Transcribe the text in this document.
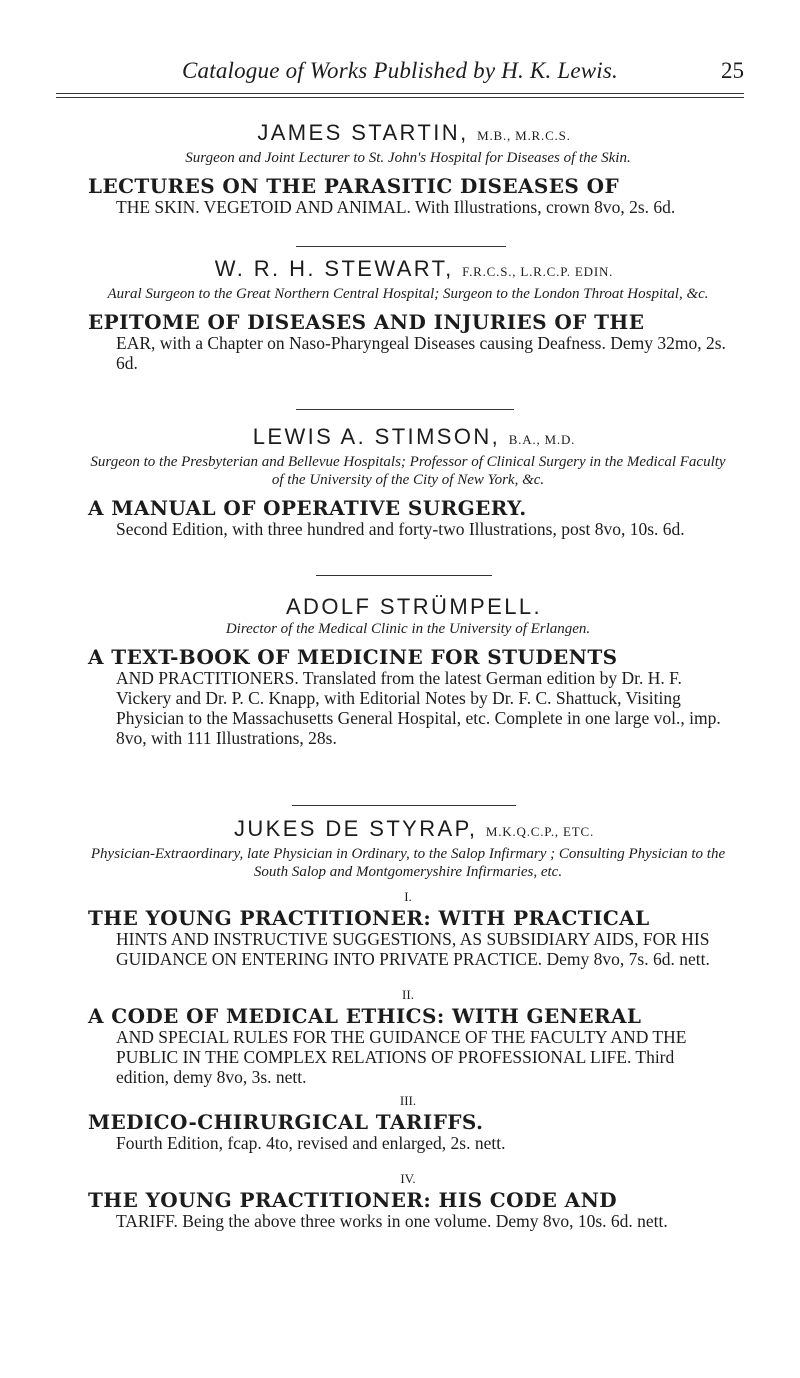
Catalogue of Works Published by H. K. Lewis.	25
JAMES STARTIN, M.B., M.R.C.S.
Surgeon and Joint Lecturer to St. John's Hospital for Diseases of the Skin.
LECTURES ON THE PARASITIC DISEASES OF
THE SKIN. VEGETOID AND ANIMAL. With Illustrations, crown 8vo, 2s. 6d.
W. R. H. STEWART, F.R.C.S., L.R.C.P. EDIN.
Aural Surgeon to the Great Northern Central Hospital; Surgeon to the London Throat Hospital, &c.
EPITOME OF DISEASES AND INJURIES OF THE
EAR, with a Chapter on Naso-Pharyngeal Diseases causing Deafness. Demy 32mo, 2s. 6d.
LEWIS A. STIMSON, B.A., M.D.
Surgeon to the Presbyterian and Bellevue Hospitals; Professor of Clinical Surgery in the Medical Faculty of the University of the City of New York, &c.
A MANUAL OF OPERATIVE SURGERY.
Second Edition, with three hundred and forty-two Illustrations, post 8vo, 10s. 6d.
ADOLF STRÜMPELL.
Director of the Medical Clinic in the University of Erlangen.
A TEXT-BOOK OF MEDICINE FOR STUDENTS
AND PRACTITIONERS. Translated from the latest German edition by Dr. H. F. Vickery and Dr. P. C. Knapp, with Editorial Notes by Dr. F. C. Shattuck, Visiting Physician to the Massachusetts General Hospital, etc. Complete in one large vol., imp. 8vo, with 111 Illustrations, 28s.
JUKES DE STYRAP, M.K.Q.C.P., ETC.
Physician-Extraordinary, late Physician in Ordinary, to the Salop Infirmary ; Consulting Physician to the South Salop and Montgomeryshire Infirmaries, etc.
I.
THE YOUNG PRACTITIONER: WITH PRACTICAL
HINTS AND INSTRUCTIVE SUGGESTIONS, AS SUBSIDIARY AIDS, FOR HIS GUIDANCE ON ENTERING INTO PRIVATE PRACTICE. Demy 8vo, 7s. 6d. nett.
II.
A CODE OF MEDICAL ETHICS: WITH GENERAL
AND SPECIAL RULES FOR THE GUIDANCE OF THE FACULTY AND THE PUBLIC IN THE COMPLEX RELATIONS OF PROFESSIONAL LIFE. Third edition, demy 8vo, 3s. nett.
III.
MEDICO-CHIRURGICAL TARIFFS.
Fourth Edition, fcap. 4to, revised and enlarged, 2s. nett.
IV.
THE YOUNG PRACTITIONER: HIS CODE AND
TARIFF. Being the above three works in one volume. Demy 8vo, 10s. 6d. nett.
